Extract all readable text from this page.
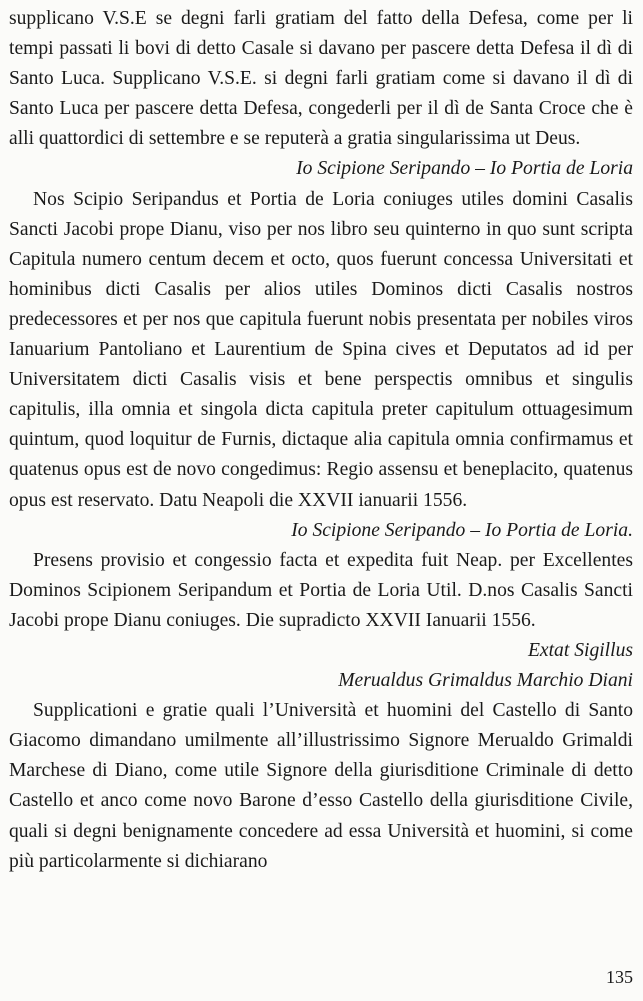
supplicano V.S.E se degni farli gratiam del fatto della Defesa, come per li tempi passati li bovi di detto Casale si davano per pascere detta Defesa il dì di Santo Luca. Supplicano V.S.E. si degni farli gratiam come si davano il dì di Santo Luca per pascere detta Defesa, congederli per il dì de Santa Croce che è alli quattordici di settembre e se reputerà a gratia singularissima ut Deus.

Io Scipione Seripando – Io Portia de Loria

Nos Scipio Seripandus et Portia de Loria coniuges utiles domini Casalis Sancti Jacobi prope Dianu, viso per nos libro seu quinterno in quo sunt scripta Capitula numero centum decem et octo, quos fuerunt concessa Universitati et hominibus dicti Casalis per alios utiles Dominos dicti Casalis nostros predecessores et per nos que capitula fuerunt nobis presentata per nobiles viros Ianuarium Pantoliano et Laurentium de Spina cives et Deputatos ad id per Universitatem dicti Casalis visis et bene perspectis omnibus et singulis capitulis, illa omnia et singola dicta capitula preter capitulum ottuagesimum quintum, quod loquitur de Furnis, dictaque alia capitula omnia confirmamus et quatenus opus est de novo congedimus: Regio assensu et beneplacito, quatenus opus est reservato. Datu Neapoli die XXVII ianuarii 1556.

Io Scipione Seripando – Io Portia de Loria.

Presens provisio et congessio facta et expedita fuit Neap. per Excellentes Dominos Scipionem Seripandum et Portia de Loria Util. D.nos Casalis Sancti Jacobi prope Dianu coniuges. Die supradicto XXVII Ianuarii 1556.

Extat Sigillus

Merualdus Grimaldus Marchio Diani

Supplicationi e gratie quali l’Università et huomini del Castello di Santo Giacomo dimandano umilmente all’illustrissimo Signore Merualdo Grimaldi Marchese di Diano, come utile Signore della giurisditione Criminale di detto Castello et anco come novo Barone d’esso Castello della giurisditione Civile, quali si degni benignamente concedere ad essa Università et huomini, si come più particolarmente si dichiarano

135
